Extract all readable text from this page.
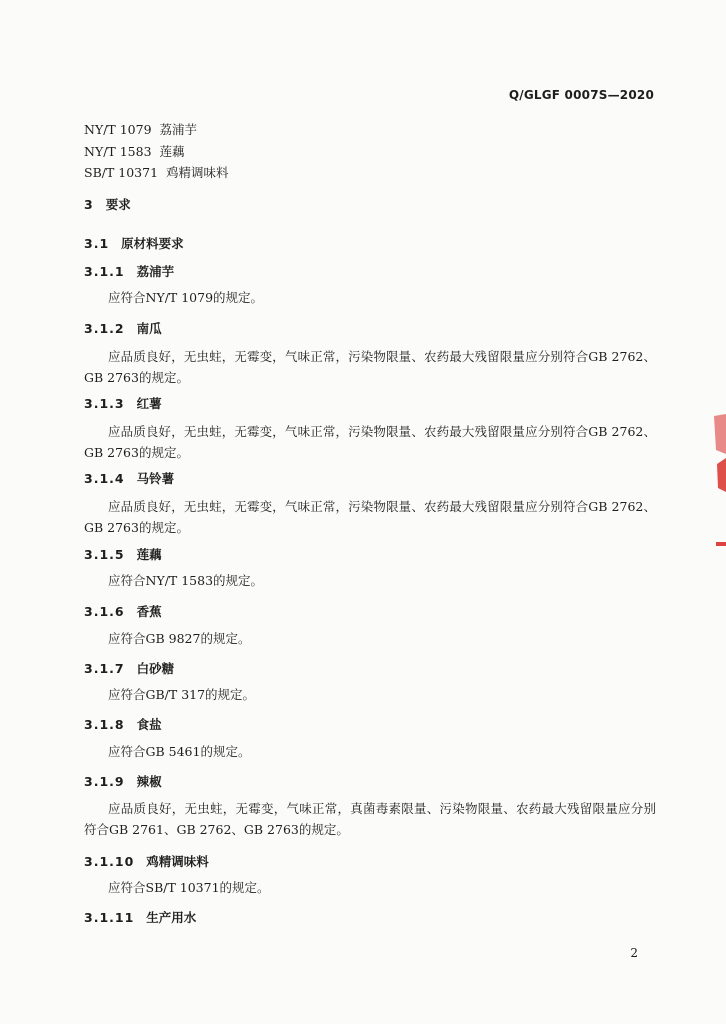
Q/GLGF 0007S—2020
NY/T 1079 荔浦芋
NY/T 1583 莲藕
SB/T 10371 鸡精调味料
3 要求
3.1 原材料要求
3.1.1 荔浦芋
应符合NY/T 1079的规定。
3.1.2 南瓜
应品质良好，无虫蛀，无霉变，气味正常，污染物限量、农药最大残留限量应分别符合GB 2762、GB 2763的规定。
3.1.3 红薯
应品质良好，无虫蛀，无霉变，气味正常，污染物限量、农药最大残留限量应分别符合GB 2762、GB 2763的规定。
3.1.4 马铃薯
应品质良好，无虫蛀，无霉变，气味正常，污染物限量、农药最大残留限量应分别符合GB 2762、GB 2763的规定。
3.1.5 莲藕
应符合NY/T 1583的规定。
3.1.6 香蕉
应符合GB 9827的规定。
3.1.7 白砂糖
应符合GB/T 317的规定。
3.1.8 食盐
应符合GB 5461的规定。
3.1.9 辣椒
应品质良好，无虫蛀，无霉变，气味正常，真菌毒素限量、污染物限量、农药最大残留限量应分别符合GB 2761、GB 2762、GB 2763的规定。
3.1.10 鸡精调味料
应符合SB/T 10371的规定。
3.1.11 生产用水
2
